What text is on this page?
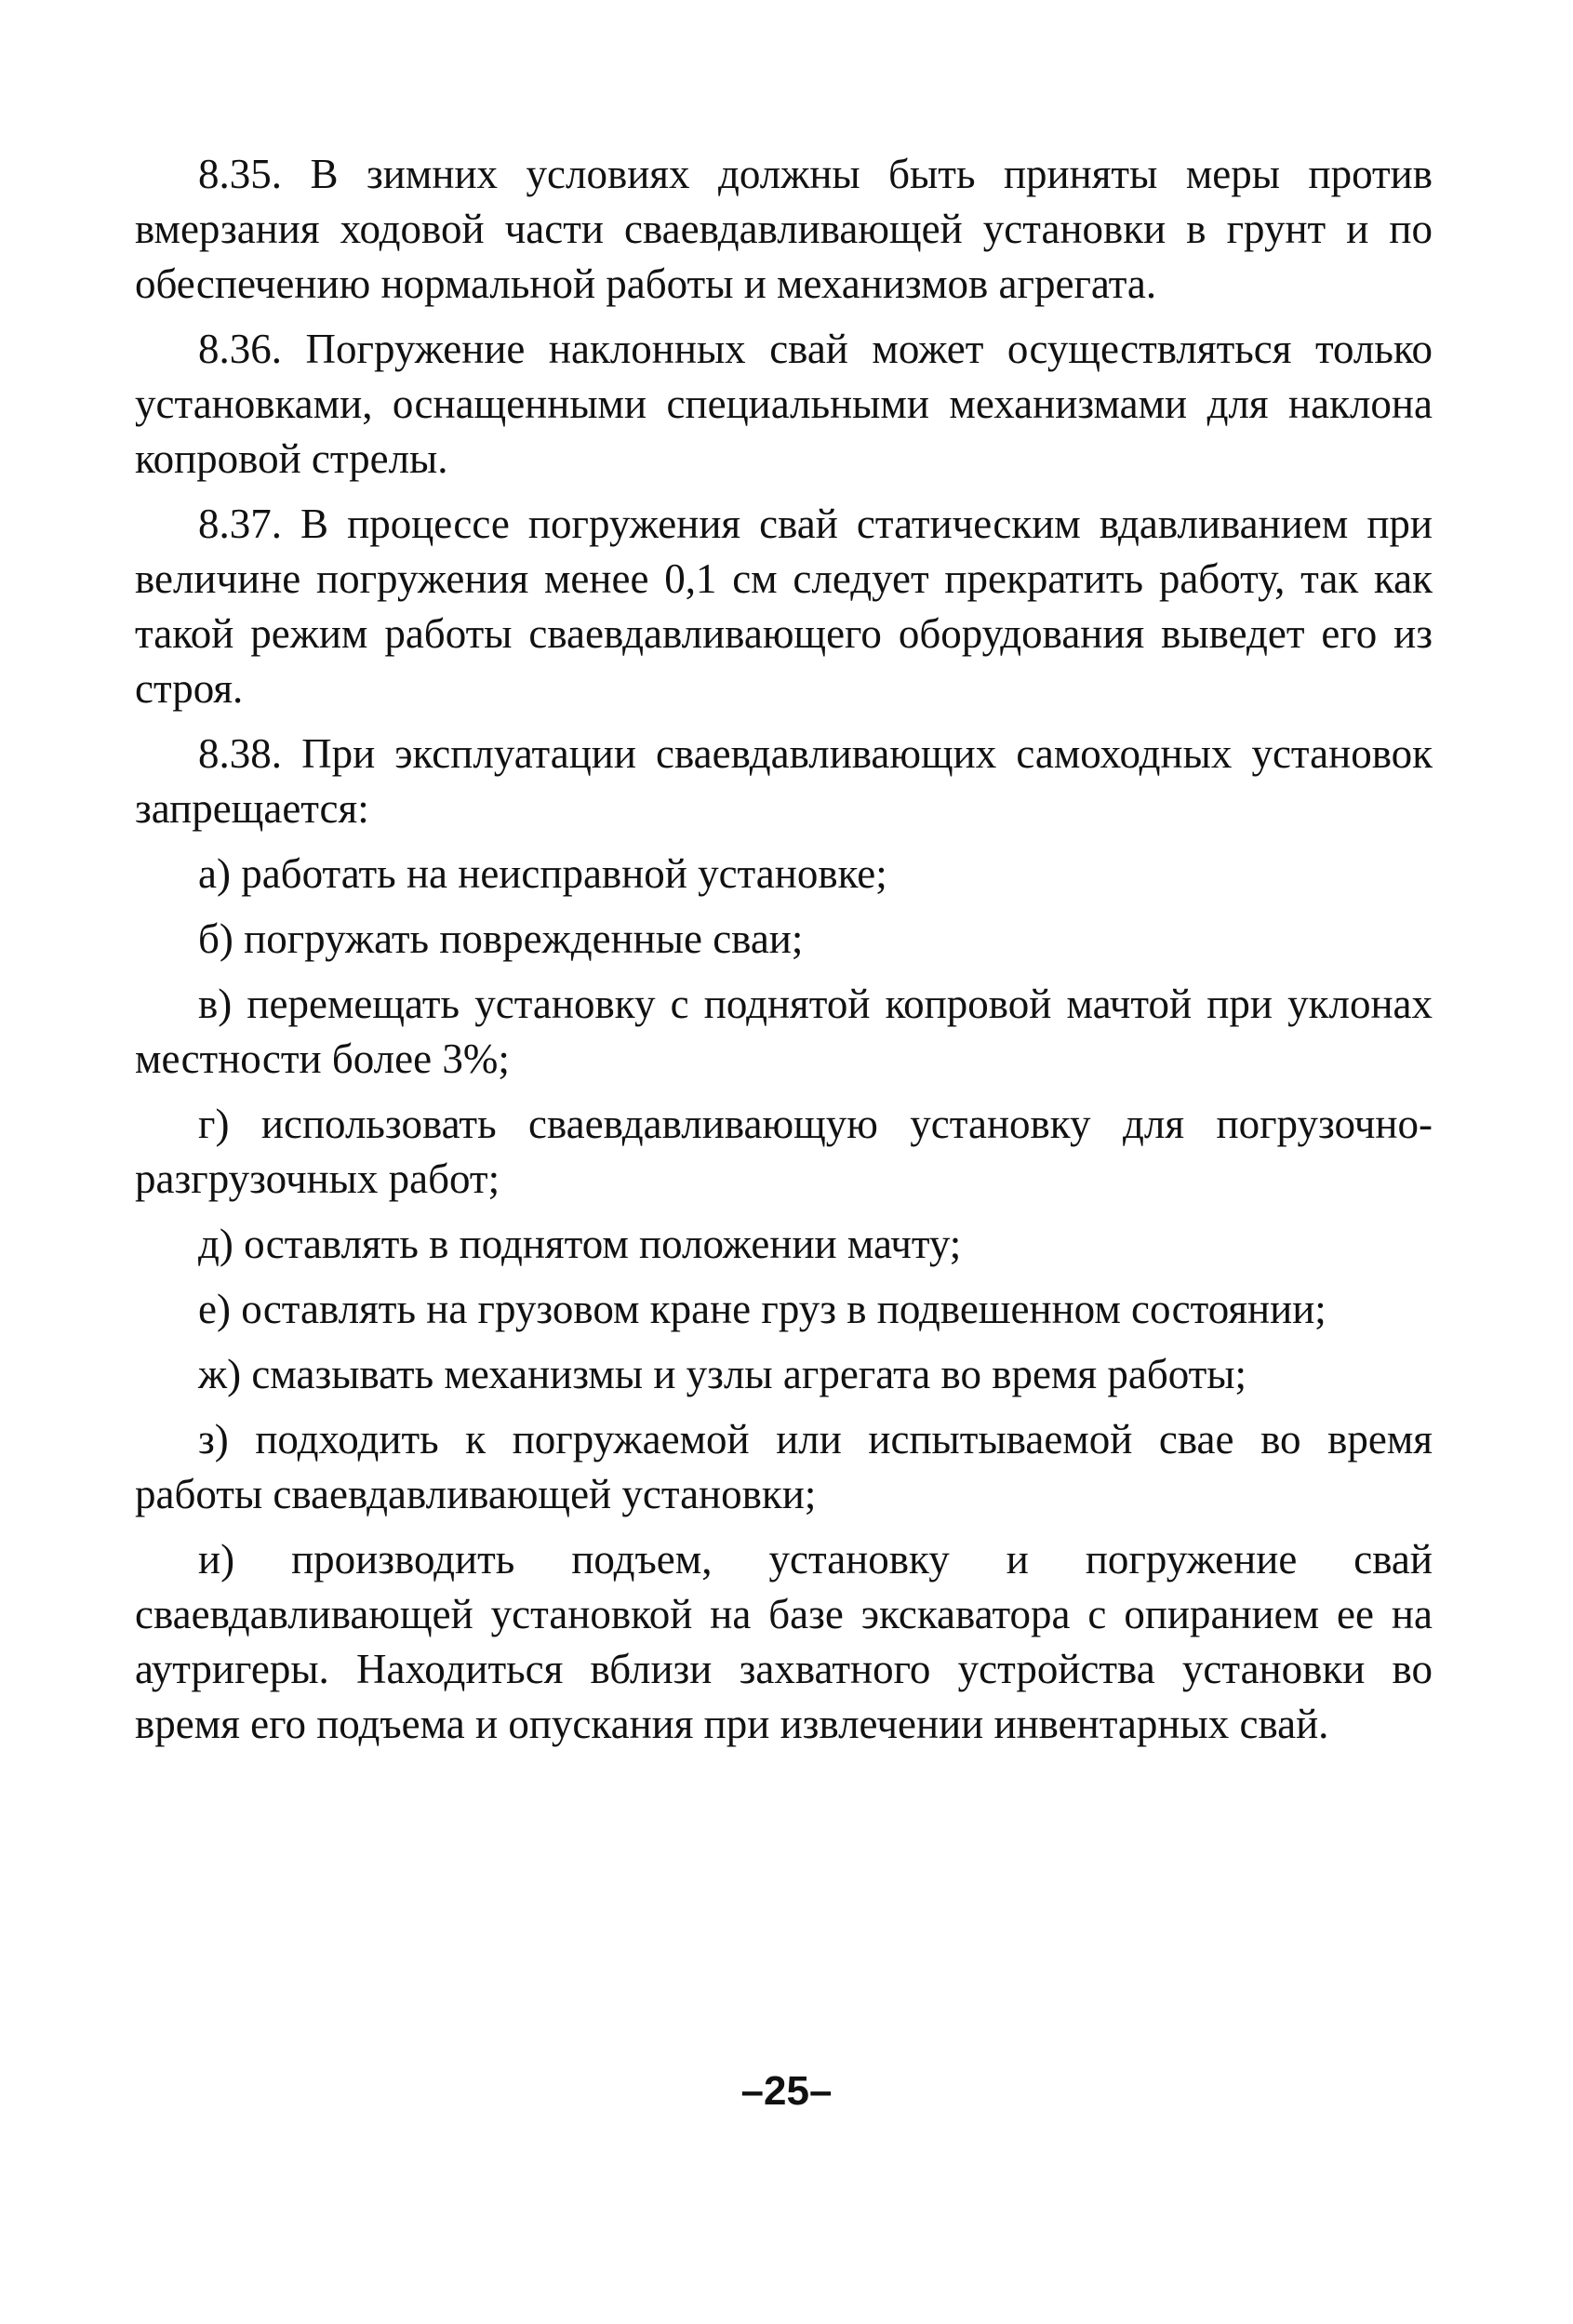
8.35. В зимних условиях должны быть приняты меры против вмерзания ходовой части сваевдавливающей установки в грунт и по обеспечению нормальной работы и механизмов агрегата.

8.36. Погружение наклонных свай может осуществляться только установками, оснащенными специальными механизмами для наклона копровой стрелы.

8.37. В процессе погружения свай статическим вдавливанием при величине погружения менее 0,1 см следует прекратить работу, так как такой режим работы сваевдавливающего оборудования выведет его из строя.

8.38. При эксплуатации сваевдавливающих самоходных установок запрещается:

а) работать на неисправной установке;

б) погружать поврежденные сваи;

в) перемещать установку с поднятой копровой мачтой при уклонах местности более 3%;

г) использовать сваевдавливающую установку для погрузочно-разгрузочных работ;

д) оставлять в поднятом положении мачту;

е) оставлять на грузовом кране груз в подвешенном состоянии;

ж) смазывать механизмы и узлы агрегата во время работы;

з) подходить к погружаемой или испытываемой свае во время работы сваевдавливающей установки;

и) производить подъем, установку и погружение свай сваевдавливающей установкой на базе экскаватора с опиранием ее на аутригеры. Находиться вблизи захватного устройства установки во время его подъема и опускания при извлечении инвентарных свай.

–25–
